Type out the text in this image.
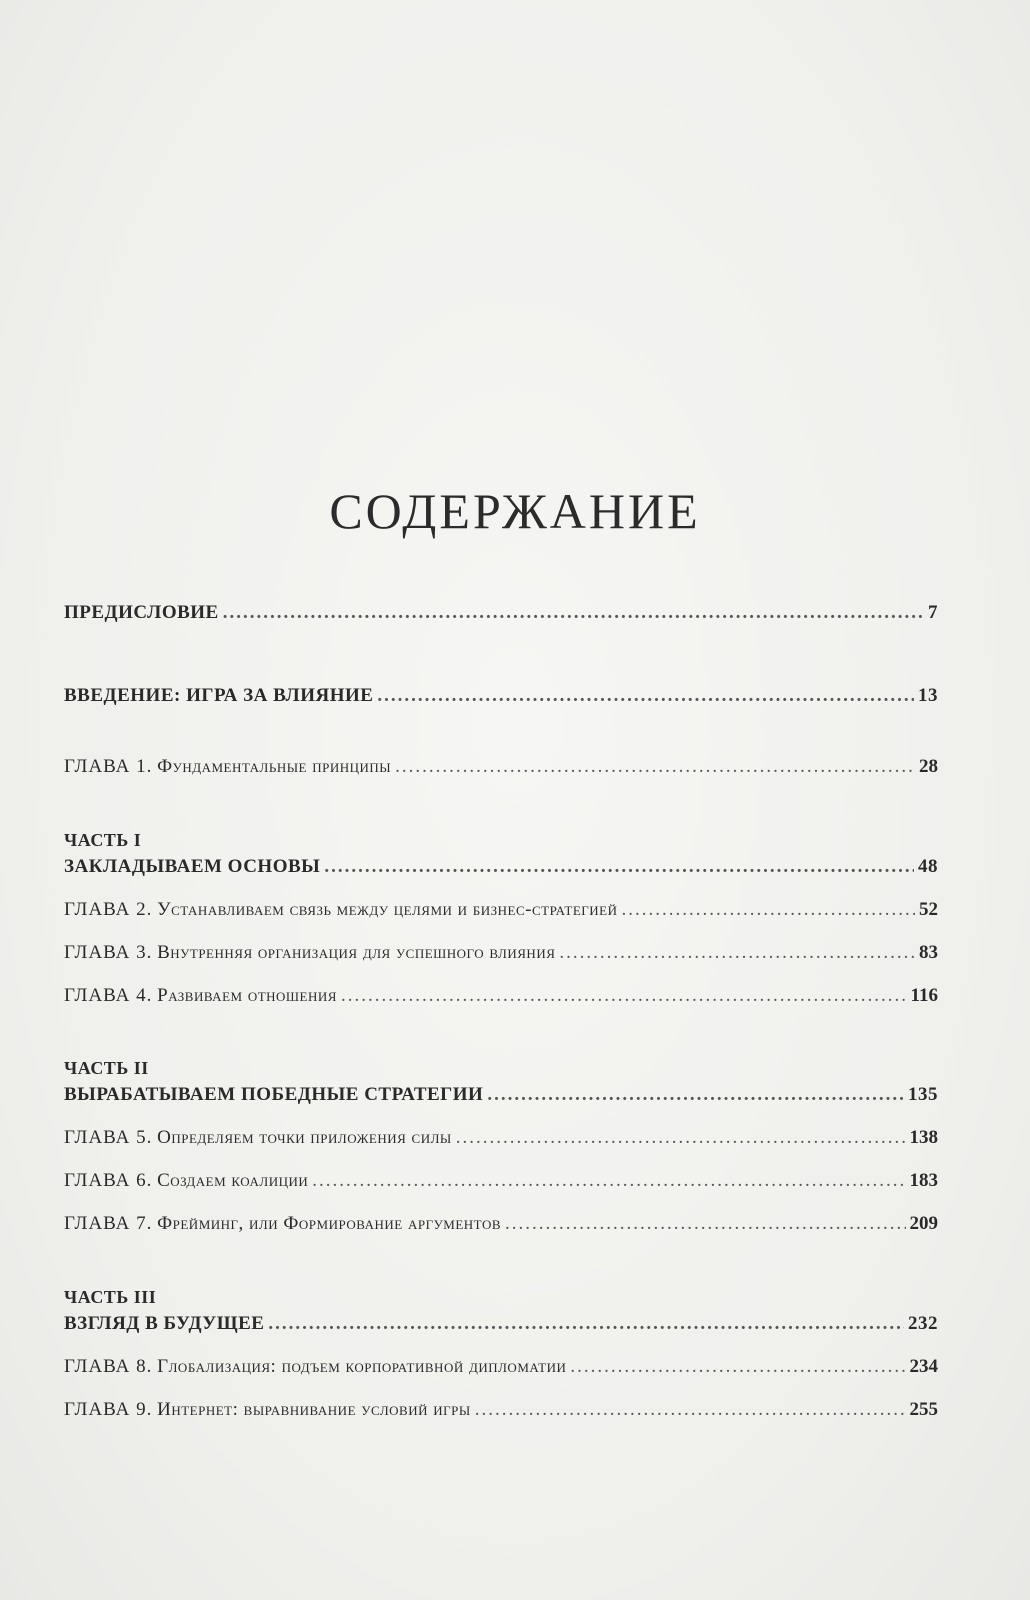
СОДЕРЖАНИЕ
ПРЕДИСЛОВИЕ .....	7
ВВЕДЕНИЕ: ИГРА ЗА ВЛИЯНИЕ .....	13
ГЛАВА 1. Фундаментальные принципы .....	28
ЧАСТЬ I
ЗАКЛАДЫВАЕМ ОСНОВЫ .....	48
ГЛАВА 2. Устанавливаем связь между целями и бизнес-стратегией .....	52
ГЛАВА 3. Внутренняя организация для успешного влияния .....	83
ГЛАВА 4. Развиваем отношения .....	116
ЧАСТЬ II
ВЫРАБАТЫВАЕМ ПОБЕДНЫЕ СТРАТЕГИИ .....	135
ГЛАВА 5. Определяем точки приложения силы .....	138
ГЛАВА 6. Создаем коалиции .....	183
ГЛАВА 7. Фрейминг, или Формирование аргументов .....	209
ЧАСТЬ III
ВЗГЛЯД В БУДУЩЕЕ .....	232
ГЛАВА 8. Глобализация: подъем корпоративной дипломатии .....	234
ГЛАВА 9. Интернет: выравнивание условий игры .....	255
